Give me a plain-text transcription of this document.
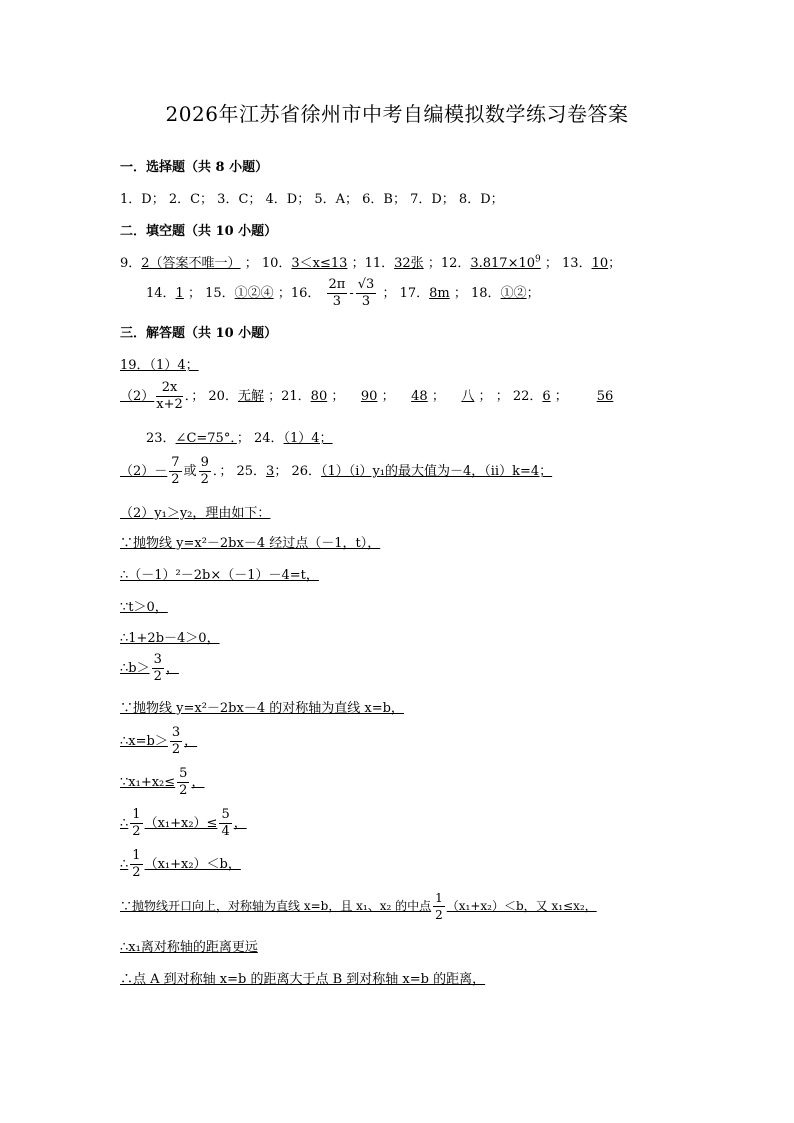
2026年江苏省徐州市中考自编模拟数学练习卷答案
一．选择题（共 8 小题）
1．D； 2．C； 3．C； 4．D； 5．A； 6．B； 7．D； 8．D；
二．填空题（共 10 小题）
9．2（答案不唯一） ； 10．3＜x≤13 ；11．32张 ；12．$3.817\times 10^9$ ； 13．10；
14．1 ； 15．①②④ ；16． $\frac{2\pi}{3} - \frac{√3}{3}$ ； 17．8m ； 18．①②；
三．解答题（共 10 小题）
19．（1）4；
$(2) \frac{2x}{x+2}$ ．； 20．无解 ；21．80 ； 90 ； 48 ； 八 ； ； 22．6 ； 56
23．∠C=75°．； 24．（1）4；
$(2)- \frac{7}{2}$ 或 $\frac{9}{2}$ ．； 25．3； 26．（1）（ⅰ）y₁的最大值为－4，（ⅱ）k=4；
（2）y₁＞y₂，理由如下：
∵抛物线 y=x²－2bx－4 经过点（－1，t），
∴（－1）²－2b×（－1）－4=t，
∵t＞0，
∴1+2b－4＞0，
∴b＞ $\frac{3}{2}$ ，
∵抛物线 y=x²－2bx－4 的对称轴为直线 x=b，
∴x=b＞ $\frac{3}{2}$ ，
∵x₁+x₂≤ $\frac{5}{2}$ ，
∴ $\frac{1}{2} (x_1+x_2)\le \frac{5}{4}$ ，
∴ $\frac{1}{2} (x_1+x_2)<b$，
∵抛物线开口向上，对称轴为直线 x=b，且 x₁、x₂ 的中点 $\frac{1}{2} (x_1+x_2)<b$，又 x₁≤x₂，
∴x₁离对称轴的距离更远
∴点 A 到对称轴 x=b 的距离大于点 B 到对称轴 x=b 的距离，
